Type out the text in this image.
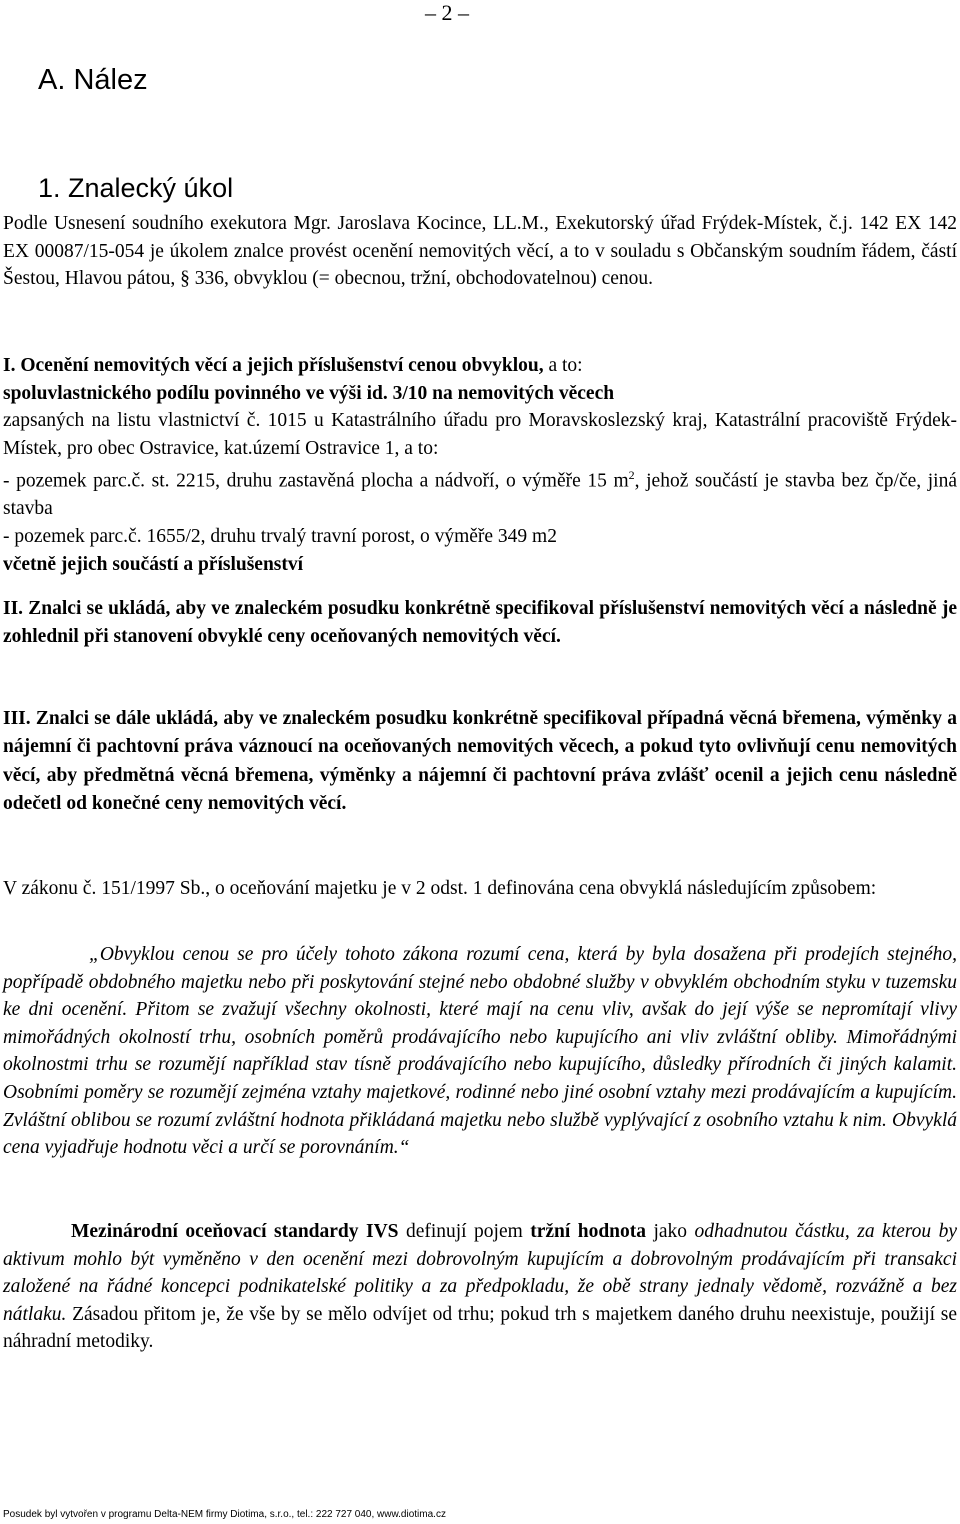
– 2 –
A. Nález
1. Znalecký úkol
Podle Usnesení soudního exekutora Mgr. Jaroslava Kocince, LL.M., Exekutorský úřad Frýdek-Místek, č.j. 142 EX 142 EX 00087/15-054 je úkolem znalce provést ocenění nemovitých věcí, a to v souladu s Občanským soudním řádem, částí Šestou, Hlavou pátou, § 336, obvyklou (= obecnou, tržní, obchodovatelnou) cenou.
I. Ocenění nemovitých věcí a jejich příslušenství cenou obvyklou, a to:
spoluvlastnického podílu povinného ve výši id. 3/10 na nemovitých věcech
zapsaných na listu vlastnictví č. 1015 u Katastrálního úřadu pro Moravskoslezský kraj, Katastrální pracoviště Frýdek-Místek, pro obec Ostravice, kat.území Ostravice 1, a to:
- pozemek parc.č. st. 2215, druhu zastavěná plocha a nádvoří, o výměře 15 $m^2$, jehož součástí je stavba bez čp/če, jiná stavba
- pozemek parc.č. 1655/2, druhu trvalý travní porost, o výměře 349 m2
včetně jejich součástí a příslušenství
II. Znalci se ukládá, aby ve znaleckém posudku konkrétně specifikoval příslušenství nemovitých věcí a následně je zohlednil při stanovení obvyklé ceny oceňovaných nemovitých věcí.
III. Znalci se dále ukládá, aby ve znaleckém posudku konkrétně specifikoval případná věcná břemena, výměnky a nájemní či pachtovní práva váznoucí na oceňovaných nemovitých věcech, a pokud tyto ovlivňují cenu nemovitých věcí, aby předmětná věcná břemena, výměnky a nájemní či pachtovní práva zvlášť ocenil a jejich cenu následně odečetl od konečné ceny nemovitých věcí.
V zákonu č. 151/1997 Sb., o oceňování majetku je v 2 odst. 1 definována cena obvyklá následujícím způsobem:
„Obvyklou cenou se pro účely tohoto zákona rozumí cena, která by byla dosažena při prodejích stejného, popřípadě obdobného majetku nebo při poskytování stejné nebo obdobné služby v obvyklém obchodním styku v tuzemsku ke dni ocenění. Přitom se zvažují všechny okolnosti, které mají na cenu vliv, avšak do její výše se nepromítají vlivy mimořádných okolností trhu, osobních poměrů prodávajícího nebo kupujícího ani vliv zvláštní obliby. Mimořádnými okolnostmi trhu se rozumějí například stav tísně prodávajícího nebo kupujícího, důsledky přírodních či jiných kalamit. Osobními poměry se rozumějí zejména vztahy majetkové, rodinné nebo jiné osobní vztahy mezi prodávajícím a kupujícím. Zvláštní oblibou se rozumí zvláštní hodnota přikládaná majetku nebo službě vyplývající z osobního vztahu k nim. Obvyklá cena vyjadřuje hodnotu věci a určí se porovnáním.“
Mezinárodní oceňovací standardy IVS definují pojem tržní hodnota jako odhadnutou částku, za kterou by aktivum mohlo být vyměněno v den ocenění mezi dobrovolným kupujícím a dobrovolným prodávajícím při transakci založené na řádné koncepci podnikatelské politiky a za předpokladu, že obě strany jednaly vědomě, rozvážně a bez nátlaku. Zásadou přitom je, že vše by se mělo odvíjet od trhu; pokud trh s majetkem daného druhu neexistuje, použijí se náhradní metodiky.
Posudek byl vytvořen v programu Delta-NEM firmy Diotima, s.r.o., tel.: 222 727 040, www.diotima.cz
